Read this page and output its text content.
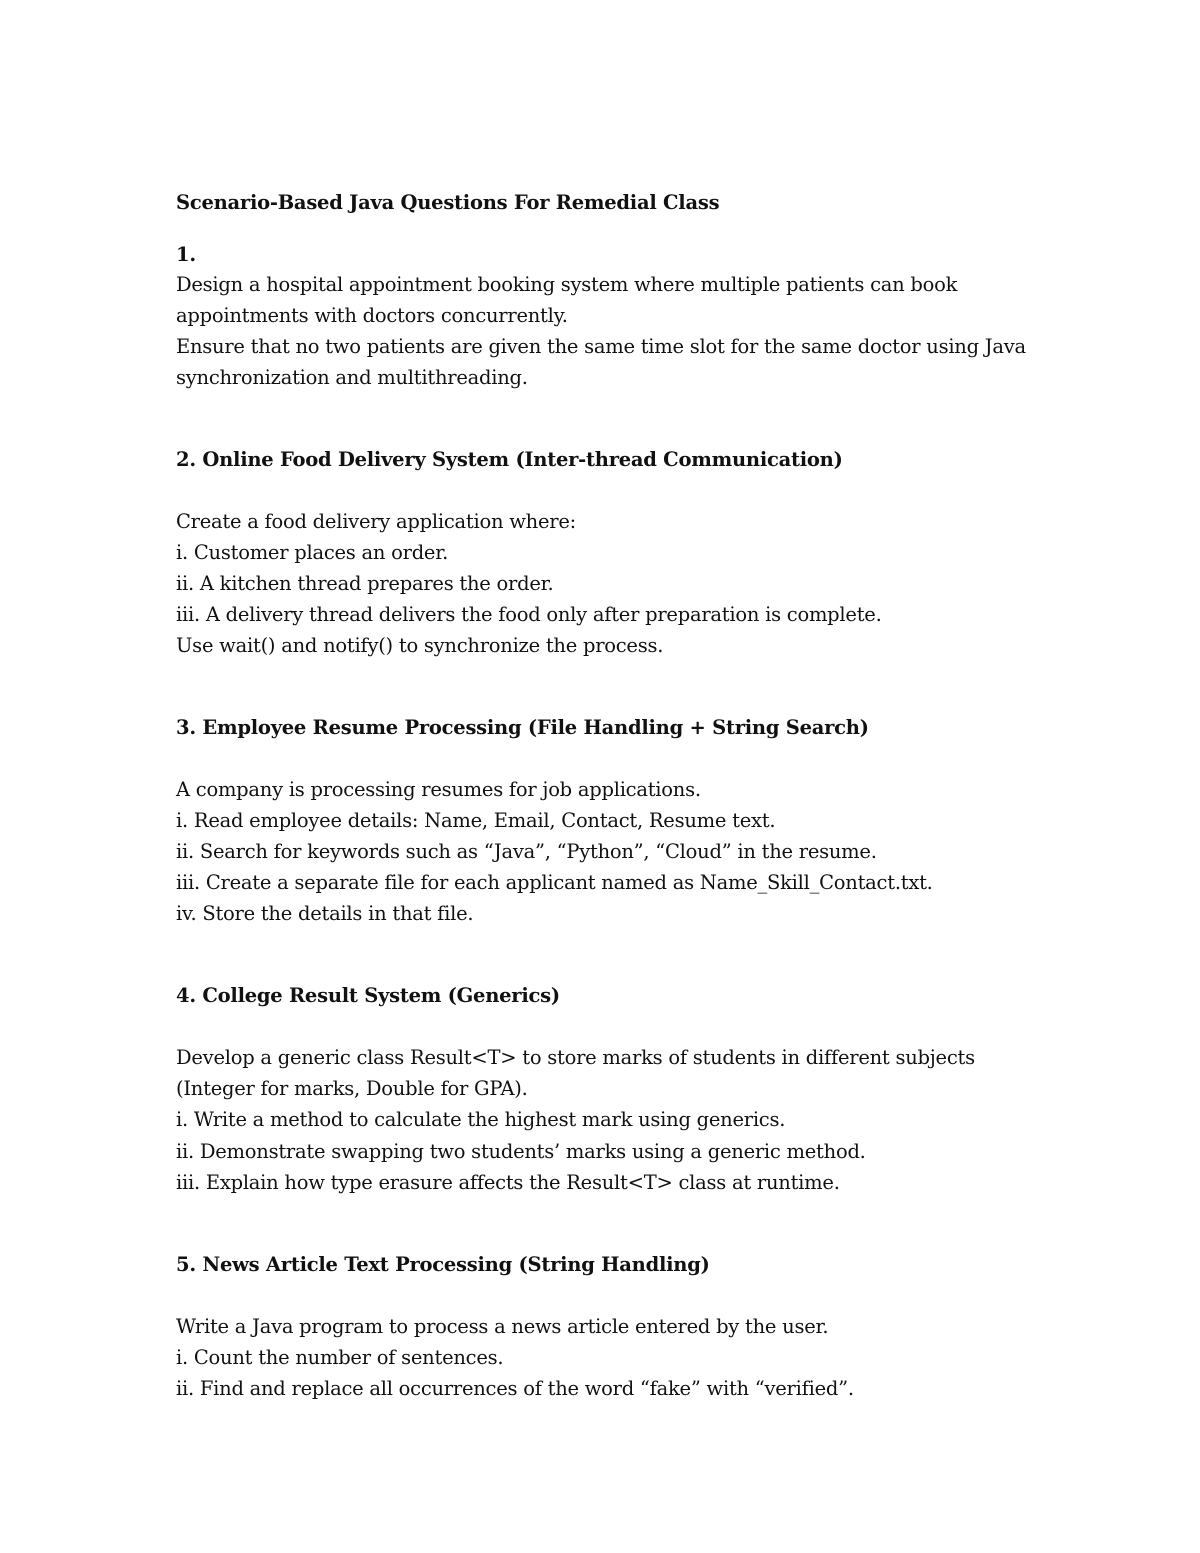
Scenario-Based Java Questions For Remedial Class
1.
Design a hospital appointment booking system where multiple patients can book
appointments with doctors concurrently.
Ensure that no two patients are given the same time slot for the same doctor using Java
synchronization and multithreading.
2. Online Food Delivery System (Inter-thread Communication)
Create a food delivery application where:
i. Customer places an order.
ii. A kitchen thread prepares the order.
iii. A delivery thread delivers the food only after preparation is complete.
Use wait() and notify() to synchronize the process.
3. Employee Resume Processing (File Handling + String Search)
A company is processing resumes for job applications.
i. Read employee details: Name, Email, Contact, Resume text.
ii. Search for keywords such as “Java”, “Python”, “Cloud” in the resume.
iii. Create a separate file for each applicant named as Name_Skill_Contact.txt.
iv. Store the details in that file.
4. College Result System (Generics)
Develop a generic class Result<T> to store marks of students in different subjects
(Integer for marks, Double for GPA).
i. Write a method to calculate the highest mark using generics.
ii. Demonstrate swapping two students’ marks using a generic method.
iii. Explain how type erasure affects the Result<T> class at runtime.
5. News Article Text Processing (String Handling)
Write a Java program to process a news article entered by the user.
i. Count the number of sentences.
ii. Find and replace all occurrences of the word “fake” with “verified”.
